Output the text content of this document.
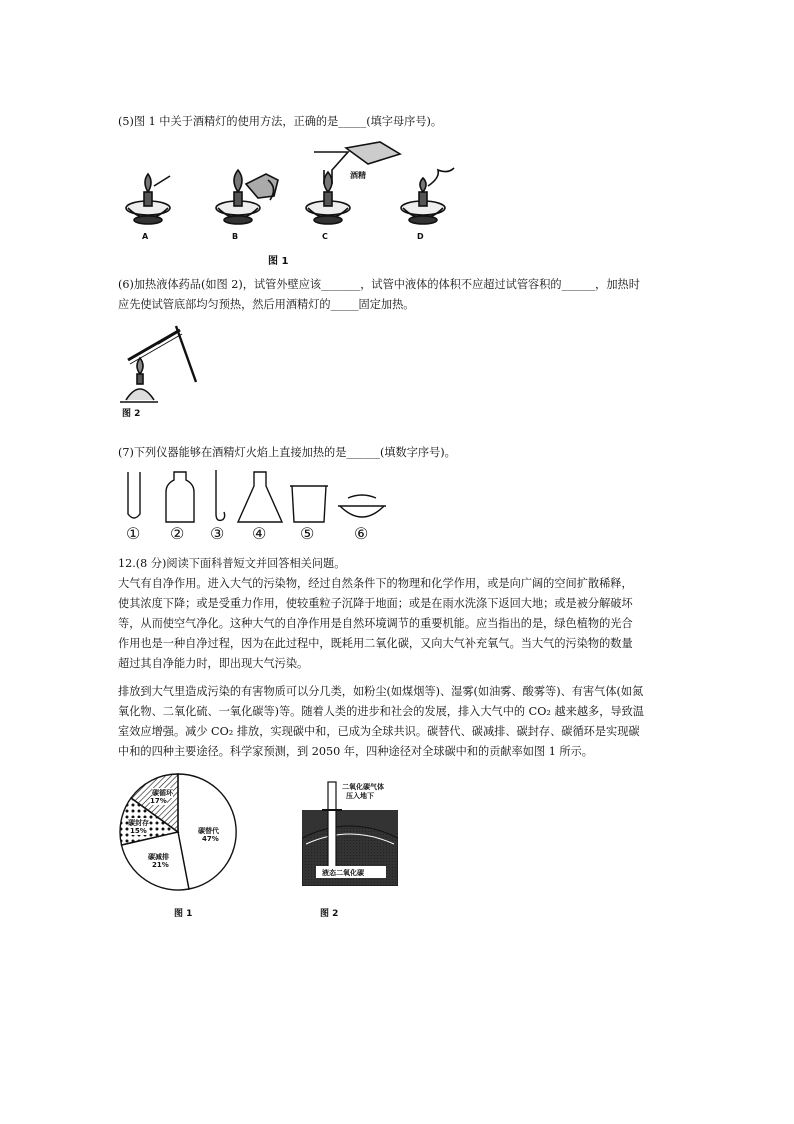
(5)图 1 中关于酒精灯的使用方法，正确的是_____(填字母序号)。
A	B	C	D
酒精
图 1
(6)加热液体药品(如图 2)，试管外壁应该_______，试管中液体的体积不应超过试管容积的______，加热时
应先使试管底部均匀预热，然后用酒精灯的_____固定加热。
图 2
(7)下列仪器能够在酒精灯火焰上直接加热的是______(填数字序号)。
① ② ③ ④ ⑤ ⑥
12.(8 分)阅读下面科普短文并回答相关问题。
大气有自净作用。进入大气的污染物，经过自然条件下的物理和化学作用，或是向广阔的空间扩散稀释，
使其浓度下降；或是受重力作用，使较重粒子沉降于地面；或是在雨水洗涤下返回大地；或是被分解破坏
等，从而使空气净化。这种大气的自净作用是自然环境调节的重要机能。应当指出的是，绿色植物的光合
作用也是一种自净过程，因为在此过程中，既耗用二氧化碳，又向大气补充氧气。当大气的污染物的数量
超过其自净能力时，即出现大气污染。
排放到大气里造成污染的有害物质可以分几类，如粉尘(如煤烟等)、湿雾(如油雾、酸雾等)、有害气体(如氮
氧化物、二氧化硫、一氧化碳等)等。随着人类的进步和社会的发展，排入大气中的 CO₂ 越来越多，导致温
室效应增强。减少 CO₂ 排放，实现碳中和，已成为全球共识。碳替代、碳减排、碳封存、碳循环是实现碳
中和的四种主要途径。科学家预测，到 2050 年，四种途径对全球碳中和的贡献率如图 1 所示。
碳替代
47%
碳减排
21%
碳封存
15%
碳循环
17%
图 1
二氧化碳气体
压入地下
液态二氧化碳
图 2
